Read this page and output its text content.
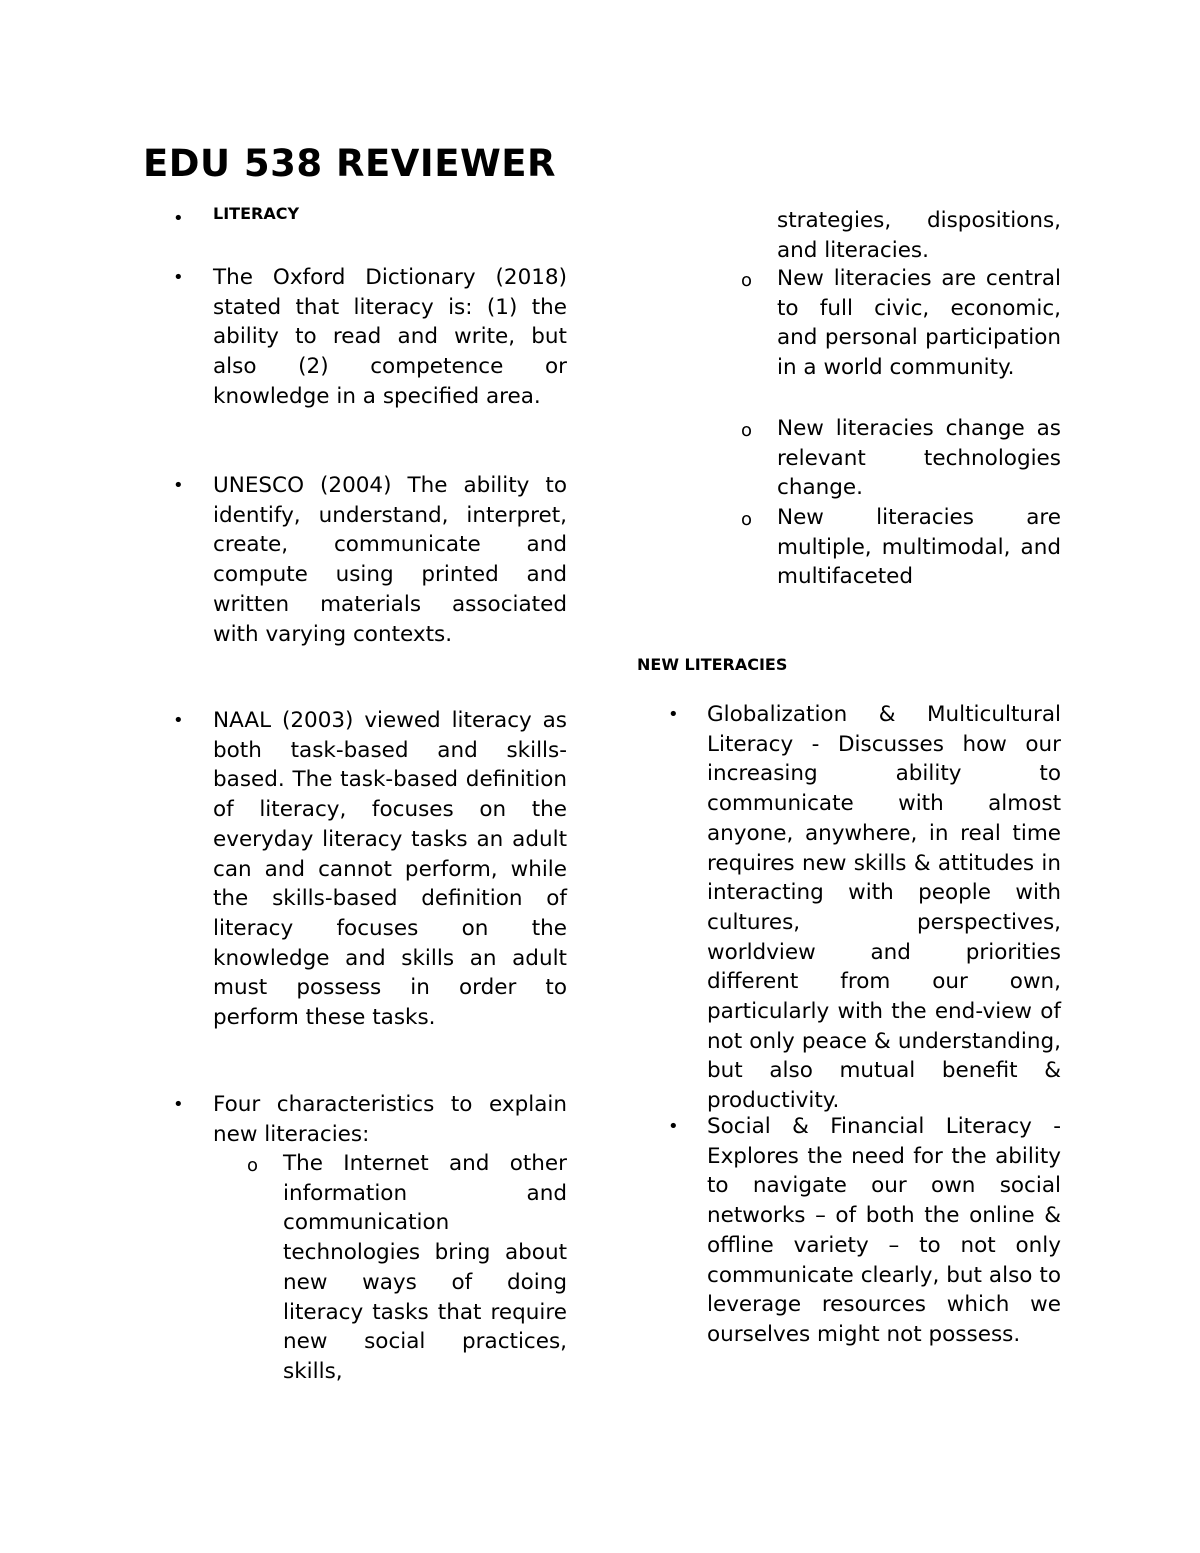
EDU 538 REVIEWER
• LITERACY

• The Oxford Dictionary (2018) stated that literacy is: (1) the ability to read and write, but also (2) competence or knowledge in a specified area.

• UNESCO (2004) The ability to identify, understand, interpret, create, communicate and compute using printed and written materials associated with varying contexts.

• NAAL (2003) viewed literacy as both task-based and skills- based. The task-based definition of literacy, focuses on the everyday literacy tasks an adult can and cannot perform, while the skills-based definition of literacy focuses on the knowledge and skills an adult must possess in order to perform these tasks.

• Four characteristics to explain new literacies:

o The Internet and other information and communication technologies bring about new ways of doing literacy tasks that require new social practices, skills,

strategies, dispositions, and literacies.

o New literacies are central to full civic, economic, and personal participation in a world community.

o New literacies change as relevant technologies change.

o New literacies are multiple, multimodal, and multifaceted

NEW LITERACIES

• Globalization & Multicultural Literacy - Discusses how our increasing ability to communicate with almost anyone, anywhere, in real time requires new skills & attitudes in interacting with people with cultures, perspectives, worldview and priorities different from our own, particularly with the end-view of not only peace & understanding, but also mutual benefit & productivity.

• Social & Financial Literacy - Explores the need for the ability to navigate our own social networks – of both the online & offline variety – to not only communicate clearly, but also to leverage resources which we ourselves might not possess.
